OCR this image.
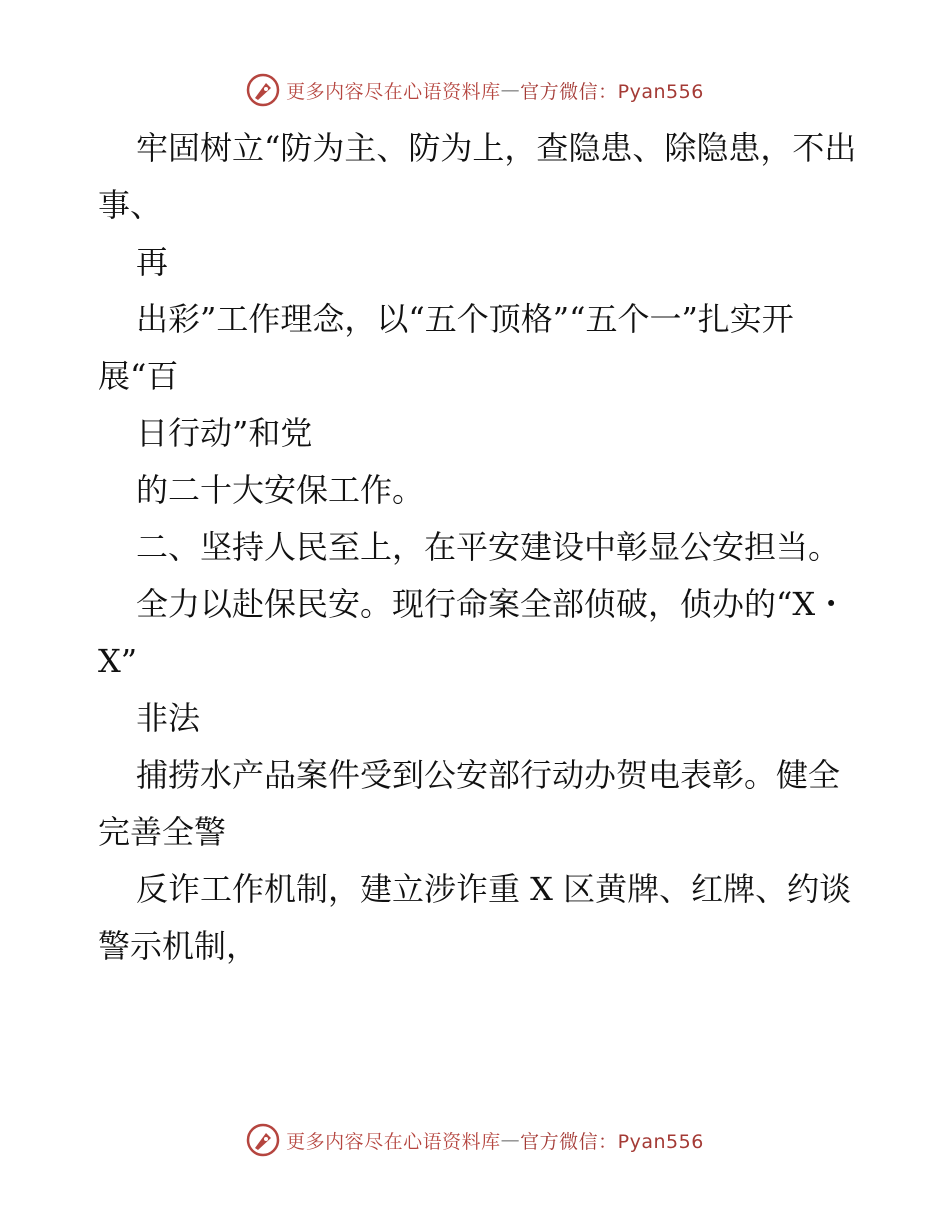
更多内容尽在心语资料库 — 官方微信：Pyan556

牢固树立“防为主、防为上，查隐患、除隐患，不出事、

再

出彩”工作理念，以“五个顶格”“五个一”扎实开展“百

日行动”和党

的二十大安保工作。

二、坚持人民至上，在平安建设中彰显公安担当。

全力以赴保民安。现行命案全部侦破，侦办的“X・X”

非法

捕捞水产品案件受到公安部行动办贺电表彰。健全完善全警

反诈工作机制，建立涉诈重 X 区黄牌、红牌、约谈警示机制，

更多内容尽在心语资料库 — 官方微信：Pyan556
